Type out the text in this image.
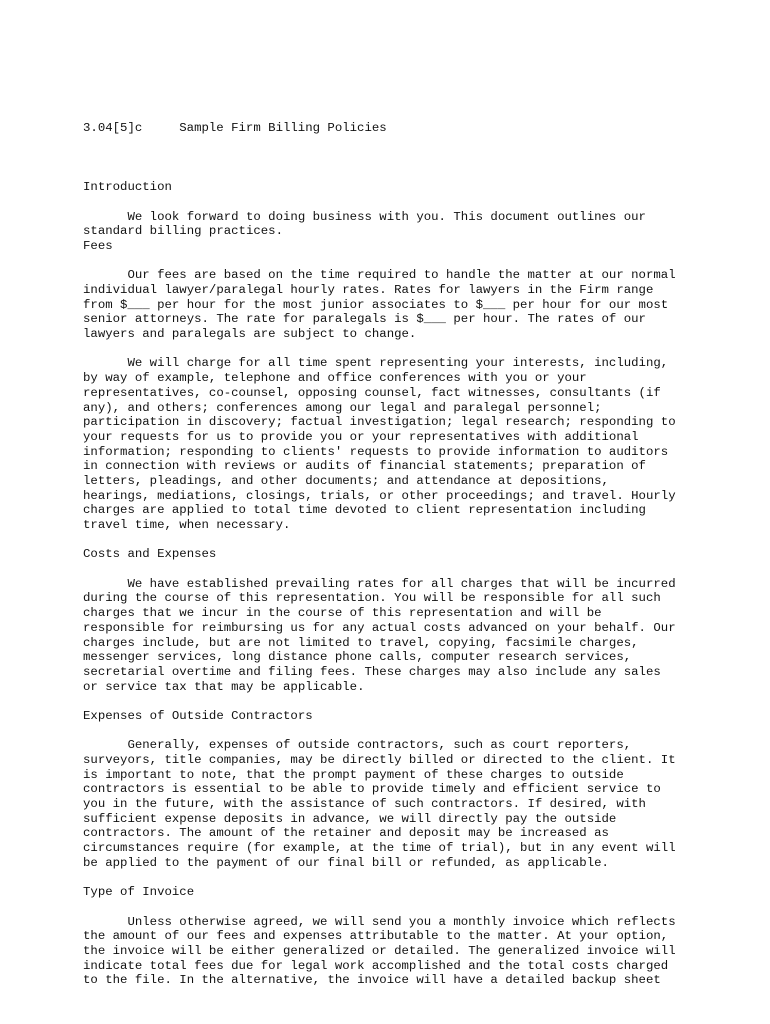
3.04[5]c	Sample Firm Billing Policies

Introduction
We look forward to doing business with you. This document outlines our
standard billing practices.
Fees
Our fees are based on the time required to handle the matter at our normal
individual lawyer/paralegal hourly rates. Rates for lawyers in the Firm range
from $___ per hour for the most junior associates to $___ per hour for our most
senior attorneys. The rate for paralegals is $___ per hour. The rates of our
lawyers and paralegals are subject to change.
We will charge for all time spent representing your interests, including,
by way of example, telephone and office conferences with you or your
representatives, co-counsel, opposing counsel, fact witnesses, consultants (if
any), and others; conferences among our legal and paralegal personnel;
participation in discovery; factual investigation; legal research; responding to
your requests for us to provide you or your representatives with additional
information; responding to clients' requests to provide information to auditors
in connection with reviews or audits of financial statements; preparation of
letters, pleadings, and other documents; and attendance at depositions,
hearings, mediations, closings, trials, or other proceedings; and travel. Hourly
charges are applied to total time devoted to client representation including
travel time, when necessary.
Costs and Expenses
We have established prevailing rates for all charges that will be incurred
during the course of this representation. You will be responsible for all such
charges that we incur in the course of this representation and will be
responsible for reimbursing us for any actual costs advanced on your behalf. Our
charges include, but are not limited to travel, copying, facsimile charges,
messenger services, long distance phone calls, computer research services,
secretarial overtime and filing fees. These charges may also include any sales
or service tax that may be applicable.
Expenses of Outside Contractors
Generally, expenses of outside contractors, such as court reporters,
surveyors, title companies, may be directly billed or directed to the client. It
is important to note, that the prompt payment of these charges to outside
contractors is essential to be able to provide timely and efficient service to
you in the future, with the assistance of such contractors. If desired, with
sufficient expense deposits in advance, we will directly pay the outside
contractors. The amount of the retainer and deposit may be increased as
circumstances require (for example, at the time of trial), but in any event will
be applied to the payment of our final bill or refunded, as applicable.
Type of Invoice
Unless otherwise agreed, we will send you a monthly invoice which reflects
the amount of our fees and expenses attributable to the matter. At your option,
the invoice will be either generalized or detailed. The generalized invoice will
indicate total fees due for legal work accomplished and the total costs charged
to the file. In the alternative, the invoice will have a detailed backup sheet
